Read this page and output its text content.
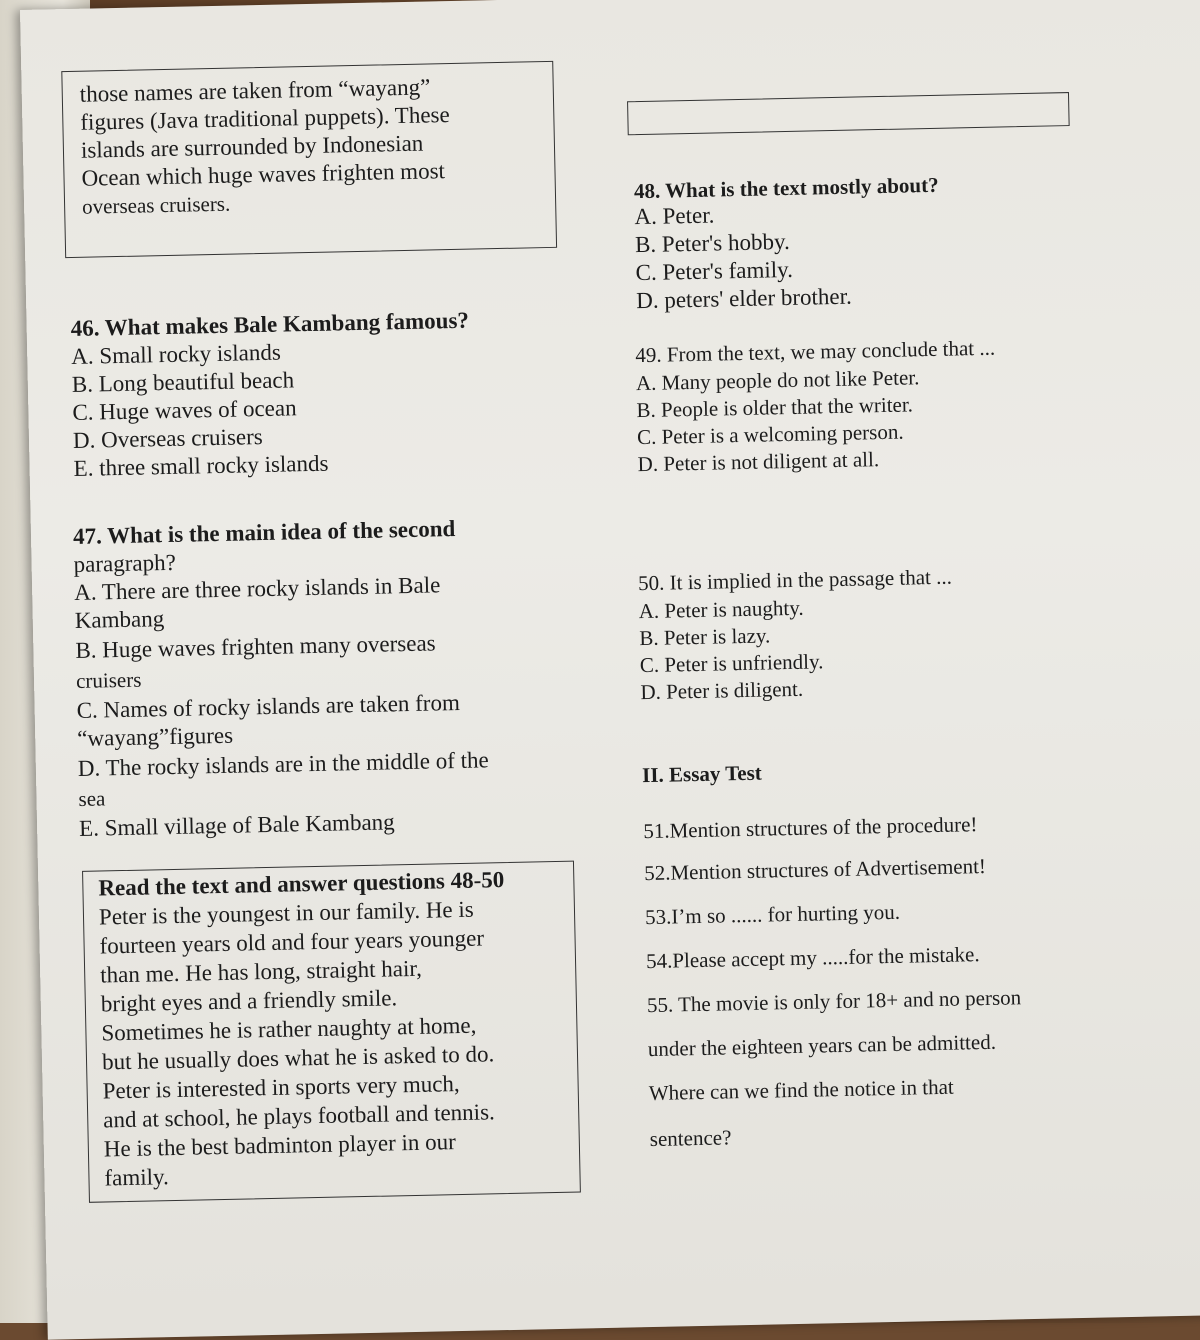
those names are taken from “wayang”
figures (Java traditional puppets). These
islands are surrounded by Indonesian
Ocean which huge waves frighten most
overseas cruisers.
46. What makes Bale Kambang famous?
A. Small rocky islands
B. Long beautiful beach
C. Huge waves of ocean
D. Overseas cruisers
E. three small rocky islands
47. What is the main idea of the second
paragraph?
A. There are three rocky islands in Bale
Kambang
B. Huge waves frighten many overseas
cruisers
C. Names of rocky islands are taken from
“wayang”figures
D. The rocky islands are in the middle of the
sea
E. Small village of Bale Kambang
Read the text and answer questions 48-50
Peter is the youngest in our family. He is
fourteen years old and four years younger
than me. He has long, straight hair,
bright eyes and a friendly smile.
Sometimes he is rather naughty at home,
but he usually does what he is asked to do.
Peter is interested in sports very much,
and at school, he plays football and tennis.
He is the best badminton player in our
family.
48. What is the text mostly about?
A. Peter.
B. Peter's hobby.
C. Peter's family.
D. peters' elder brother.
49. From the text, we may conclude that ...
A. Many people do not like Peter.
B. People is older that the writer.
C. Peter is a welcoming person.
D. Peter is not diligent at all.
50. It is implied in the passage that ...
A. Peter is naughty.
B. Peter is lazy.
C. Peter is unfriendly.
D. Peter is diligent.
II. Essay Test
51.Mention structures of the procedure!
52.Mention structures of Advertisement!
53.I’m so ...... for hurting you.
54.Please accept my .....for the mistake.
55. The movie is only for 18+ and no person
under the eighteen years can be admitted.
Where can we find the notice in that
sentence?
